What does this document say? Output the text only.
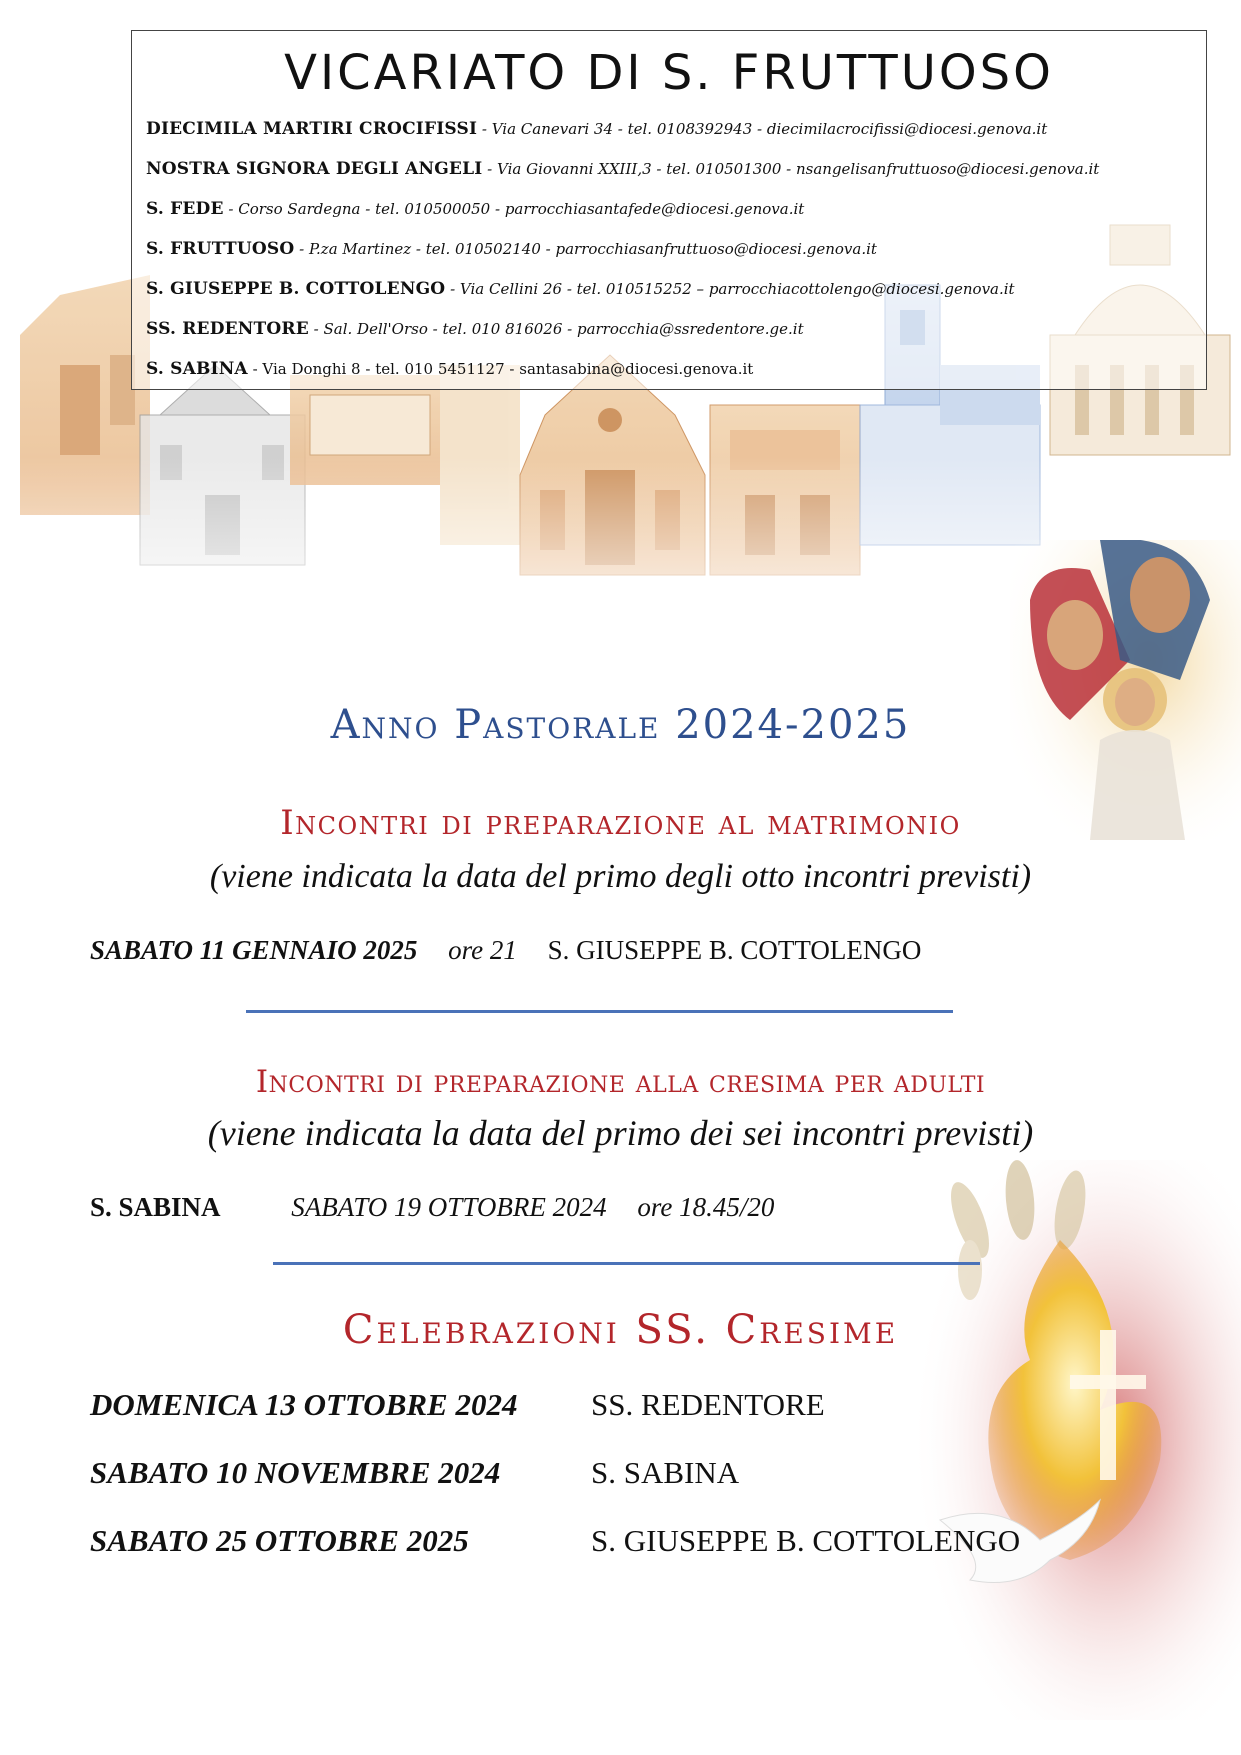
VICARIATO DI S. FRUTTUOSO
DIECIMILA MARTIRI CROCIFISSI - Via Canevari 34 - tel. 0108392943 - diecimilacrocifissi@diocesi.genova.it
NOSTRA SIGNORA DEGLI ANGELI - Via Giovanni XXIII,3 - tel. 010501300 - nsangelisanfruttuoso@diocesi.genova.it
S. FEDE - Corso Sardegna - tel. 010500050 - parrocchiasantafede@diocesi.genova.it
S. FRUTTUOSO - P.za Martinez - tel. 010502140 - parrocchiasanfruttuoso@diocesi.genova.it
S. GIUSEPPE B. COTTOLENGO - Via Cellini 26 - tel. 010515252 – parrocchiacottolengo@diocesi.genova.it
SS. REDENTORE - Sal. Dell'Orso - tel. 010 816026 - parrocchia@ssredentore.ge.it
S. SABINA - Via Donghi 8 - tel. 010 5451127 - santasabina@diocesi.genova.it
Anno Pastorale 2024-2025
Incontri di preparazione al matrimonio
(viene indicata la data del primo degli otto incontri previsti)
SABATO 11 GENNAIO 2025 ore 21 S. GIUSEPPE B. COTTOLENGO
Incontri di preparazione alla cresima per adulti
(viene indicata la data del primo dei sei incontri previsti)
S. SABINA	SABATO 19 OTTOBRE 2024 ore 18.45/20
Celebrazioni SS. Cresime
DOMENICA 13 OTTOBRE 2024 SS. REDENTORE
SABATO 10 NOVEMBRE 2024	S. SABINA
SABATO 25 OTTOBRE 2025	S. GIUSEPPE B. COTTOLENGO
